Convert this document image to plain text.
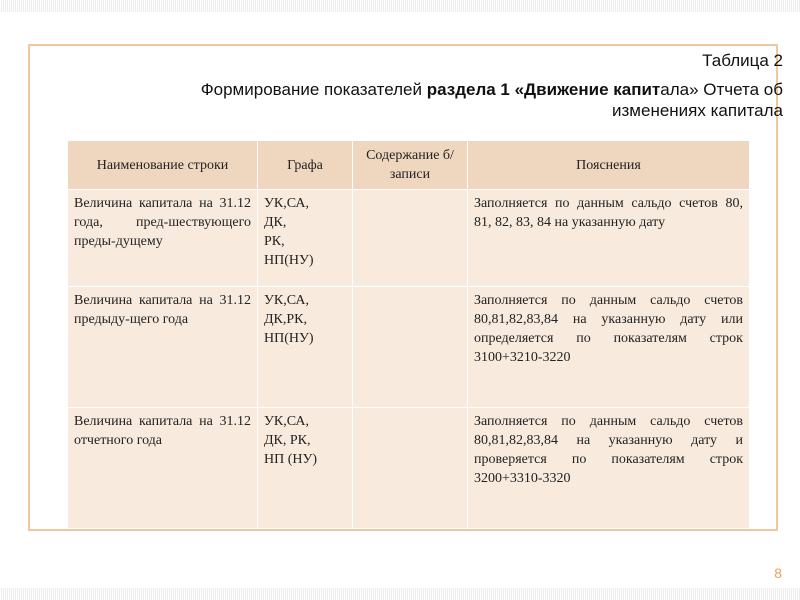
Таблица 2
Формирование показателей раздела 1 «Движение капитала» Отчета об
изменениях капитала
Наименование строки	Графа	Содержание б/записи	Пояснения
Величина капитала на 31.12 года, пред-шествующего преды-дущему	УК,СА,
ДК,
РК,
НП(НУ)		Заполняется по данным сальдо счетов 80, 81, 82, 83, 84 на указанную дату
Величина капитала на 31.12 предыду-щего года	УК,СА,
ДК,РК,
НП(НУ)		Заполняется по данным сальдо счетов 80,81,82,83,84 на указанную дату или определяется по показателям строк 3100+3210-3220
Величина капитала на 31.12 отчетного года	УК,СА,
ДК, РК,
НП (НУ)		Заполняется по данным сальдо счетов 80,81,82,83,84 на указанную дату и проверяется по показателям строк 3200+3310-3320
8
